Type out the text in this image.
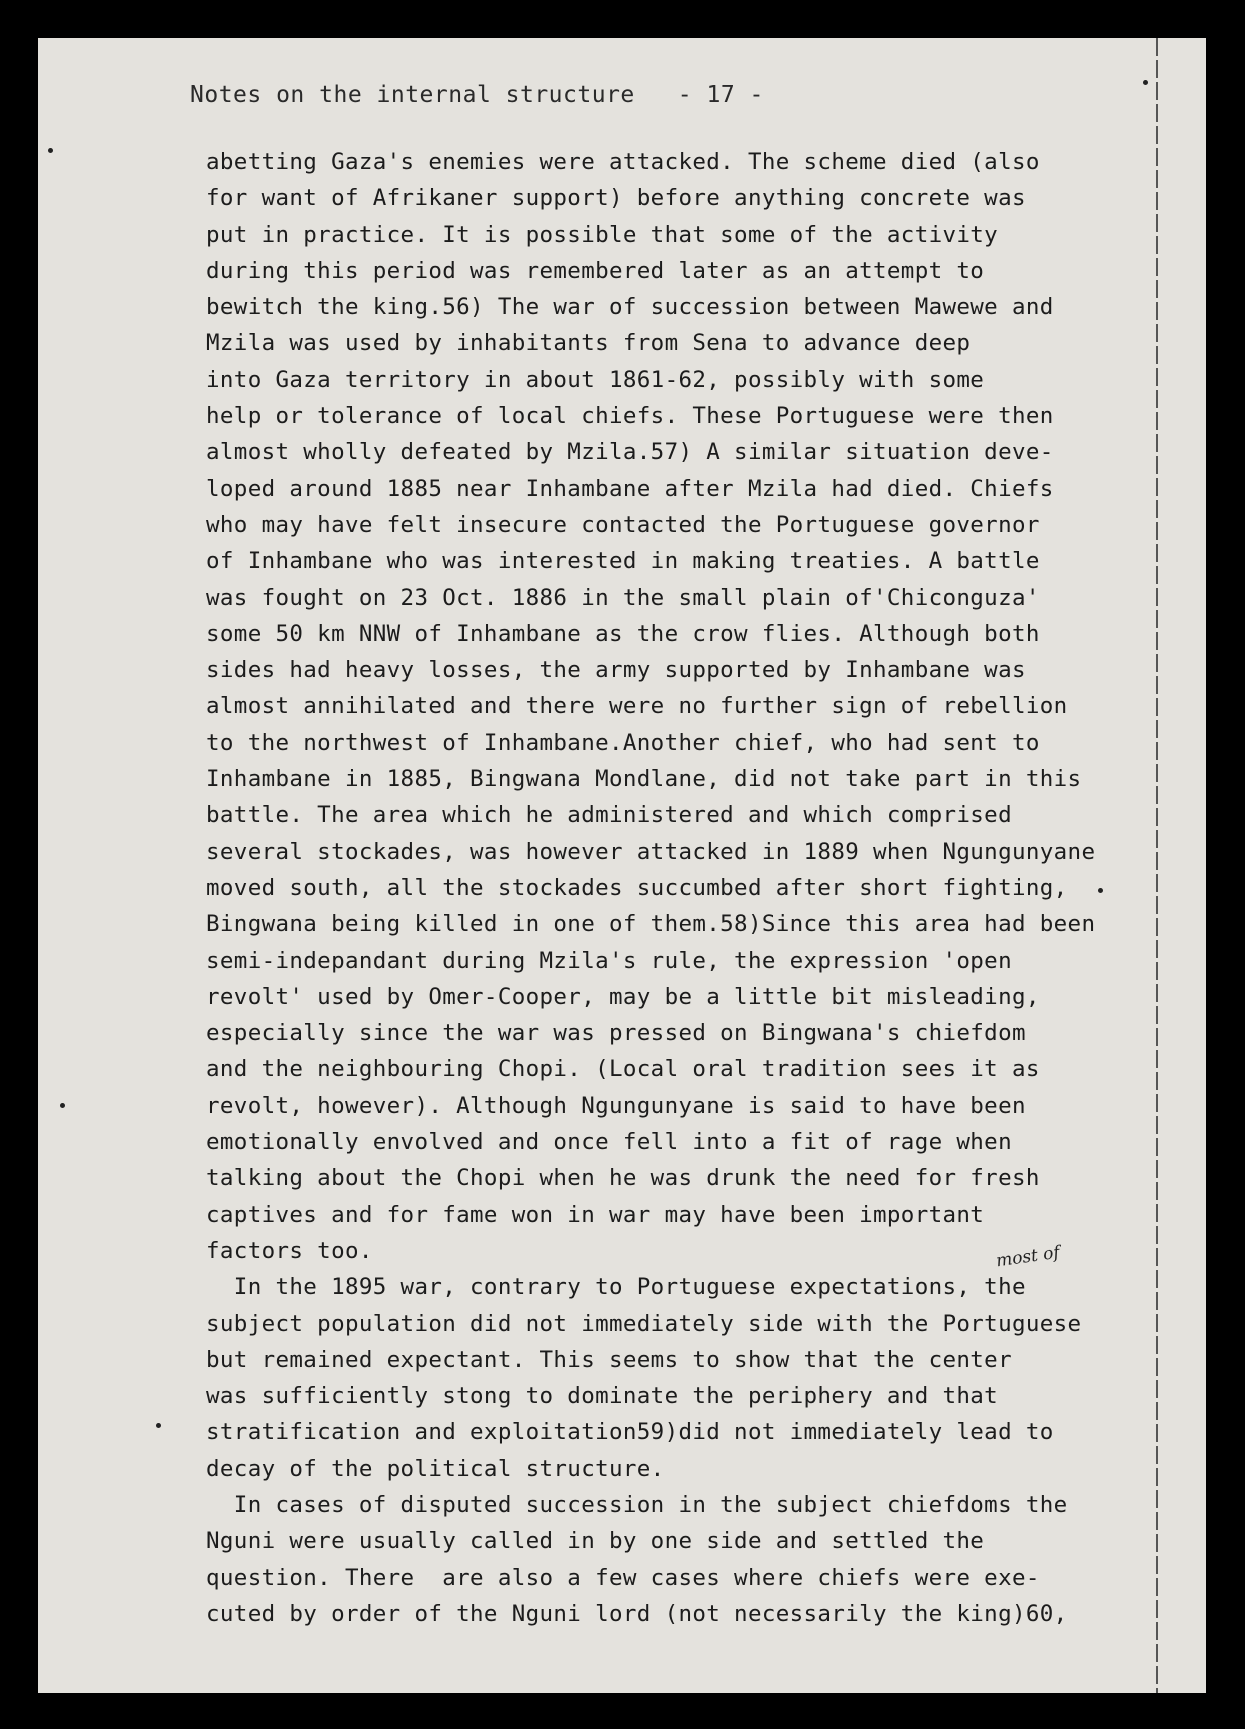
Notes on the internal structure   - 17 -
abetting Gaza's enemies were attacked. The scheme died (also
for want of Afrikaner support) before anything concrete was
put in practice. It is possible that some of the activity
during this period was remembered later as an attempt to
bewitch the king.56) The war of succession between Mawewe and
Mzila was used by inhabitants from Sena to advance deep
into Gaza territory in about 1861-62, possibly with some
help or tolerance of local chiefs. These Portuguese were then
almost wholly defeated by Mzila.57) A similar situation deve-
loped around 1885 near Inhambane after Mzila had died. Chiefs
who may have felt insecure contacted the Portuguese governor
of Inhambane who was interested in making treaties. A battle
was fought on 23 Oct. 1886 in the small plain of'Chiconguza'
some 50 km NNW of Inhambane as the crow flies. Although both
sides had heavy losses, the army supported by Inhambane was
almost annihilated and there were no further sign of rebellion
to the northwest of Inhambane.Another chief, who had sent to
Inhambane in 1885, Bingwana Mondlane, did not take part in this
battle. The area which he administered and which comprised
several stockades, was however attacked in 1889 when Ngungunyane
moved south, all the stockades succumbed after short fighting,
Bingwana being killed in one of them.58)Since this area had been
semi-indepandant during Mzila's rule, the expression 'open
revolt' used by Omer-Cooper, may be a little bit misleading,
especially since the war was pressed on Bingwana's chiefdom
and the neighbouring Chopi. (Local oral tradition sees it as
revolt, however). Although Ngungunyane is said to have been
emotionally envolved and once fell into a fit of rage when
talking about the Chopi when he was drunk the need for fresh
captives and for fame won in war may have been important
factors too.
In the 1895 war, contrary to Portuguese expectations, the
subject population did not immediately side with the Portuguese
but remained expectant. This seems to show that the center
was sufficiently stong to dominate the periphery and that
stratification and exploitation59)did not immediately lead to
decay of the political structure.
In cases of disputed succession in the subject chiefdoms the
Nguni were usually called in by one side and settled the
question. There  are also a few cases where chiefs were exe-
cuted by order of the Nguni lord (not necessarily the king)60,
most of
